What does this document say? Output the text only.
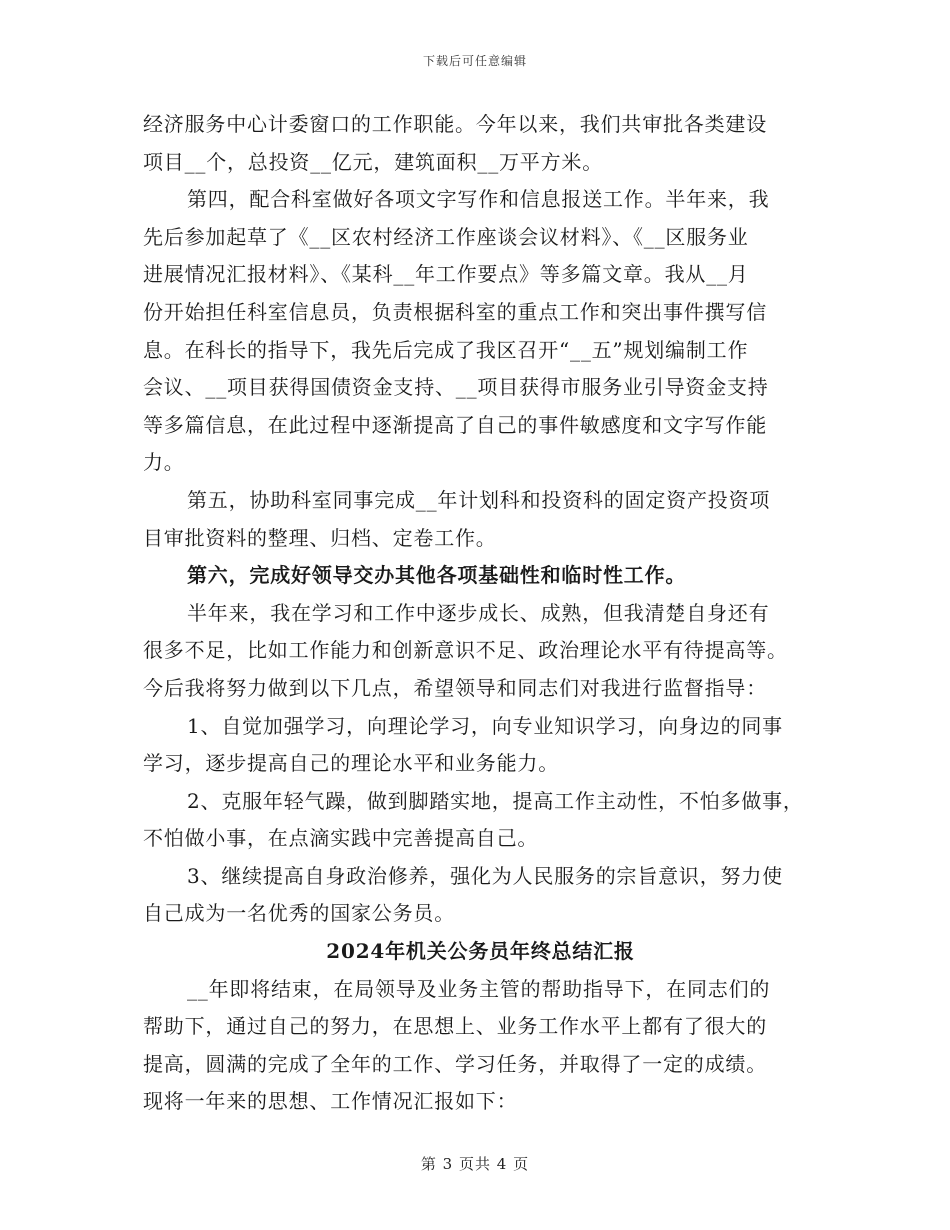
下载后可任意编辑
经济服务中心计委窗口的工作职能。今年以来，我们共审批各类建设
项目__个，总投资__亿元，建筑面积__万平方米。
第四，配合科室做好各项文字写作和信息报送工作。半年来，我
先后参加起草了《__区农村经济工作座谈会议材料》、《__区服务业
进展情况汇报材料》、《某科__年工作要点》等多篇文章。我从__月
份开始担任科室信息员，负责根据科室的重点工作和突出事件撰写信
息。在科长的指导下，我先后完成了我区召开“__五”规划编制工作
会议、__项目获得国债资金支持、__项目获得市服务业引导资金支持
等多篇信息，在此过程中逐渐提高了自己的事件敏感度和文字写作能
力。
第五，协助科室同事完成__年计划科和投资科的固定资产投资项
目审批资料的整理、归档、定卷工作。
第六，完成好领导交办其他各项基础性和临时性工作。
半年来，我在学习和工作中逐步成长、成熟，但我清楚自身还有
很多不足，比如工作能力和创新意识不足、政治理论水平有待提高等。
今后我将努力做到以下几点，希望领导和同志们对我进行监督指导：
1、自觉加强学习，向理论学习，向专业知识学习，向身边的同事
学习，逐步提高自己的理论水平和业务能力。
2、克服年轻气躁，做到脚踏实地，提高工作主动性，不怕多做事，
不怕做小事，在点滴实践中完善提高自己。
3、继续提高自身政治修养，强化为人民服务的宗旨意识，努力使
自己成为一名优秀的国家公务员。
2024年机关公务员年终总结汇报
__年即将结束，在局领导及业务主管的帮助指导下，在同志们的
帮助下，通过自己的努力，在思想上、业务工作水平上都有了很大的
提高，圆满的完成了全年的工作、学习任务，并取得了一定的成绩。
现将一年来的思想、工作情况汇报如下：
第 3 页共 4 页
